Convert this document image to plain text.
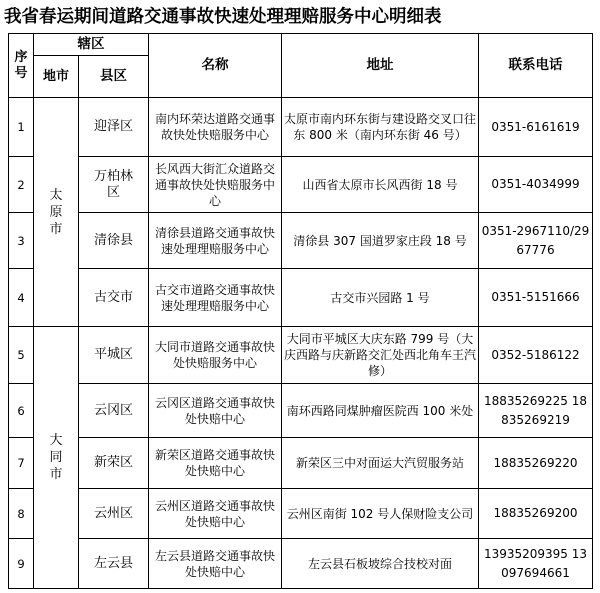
我省春运期间道路交通事故快速处理理赔服务中心明细表
序号	辖区		名称	地址	联系电话
	地市	县区			
1	太原市	迎泽区	南内环荣达道路交通事故快处快赔服务中心	太原市南内环东街与建设路交叉口往东 800 米（南内环东街 46 号）	0351-6161619
2		万柏林区	长风西大街汇众道路交通事故快处快赔服务中心	山西省太原市长风西街 18 号	0351-4034999
3		清徐县	清徐县道路交通事故快速处理理赔服务中心	清徐县 307 国道罗家庄段 18 号	0351-2967110/2967776
4		古交市	古交市道路交通事故快速处理理赔服务中心	古交市兴园路 1 号	0351-5151666
5	大同市	平城区	大同市道路交通事故快处快赔服务中心	大同市平城区大庆东路 799 号（大庆西路与庆新路交汇处西北角车王汽修）	0352-5186122
6		云冈区	云冈区道路交通事故快处快赔中心	南环西路同煤肿瘤医院西 100 米处	18835269225 18835269219
7		新荣区	新荣区道路交通事故快处快赔中心	新荣区三中对面运大汽贸服务站	18835269220
8		云州区	云州区道路交通事故快处快赔中心	云州区南街 102 号人保财险支公司	18835269200
9		左云县	左云县道路交通事故快处快赔中心	左云县石板坡综合技校对面	13935209395 13097694661
